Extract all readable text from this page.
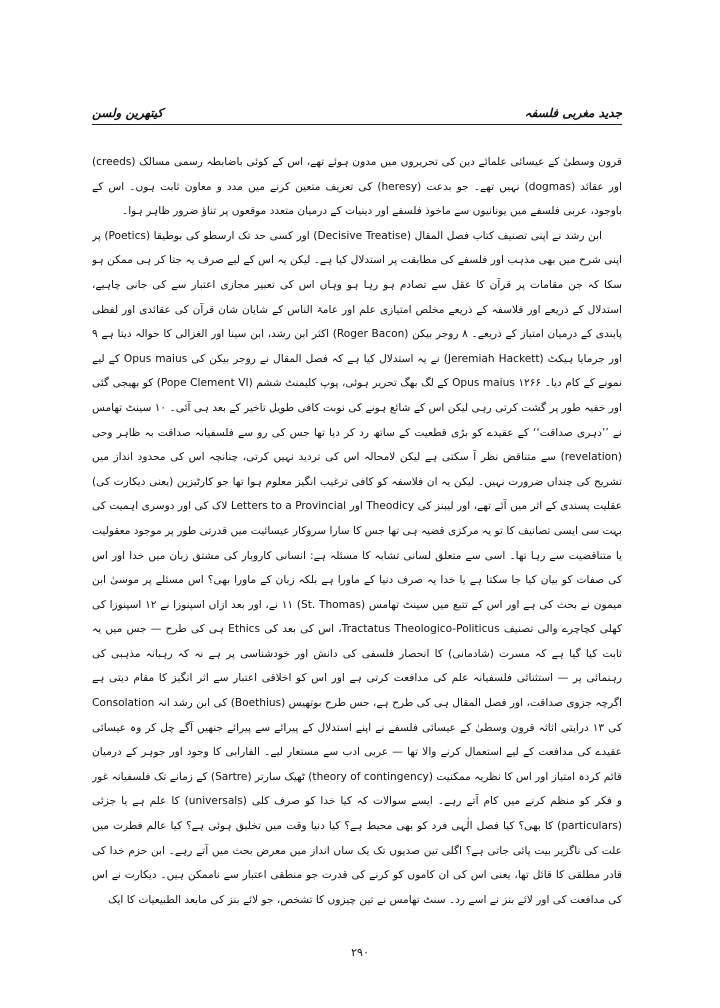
جدید مغربی فلسفہ
کیتھرین ولسن

قرون وسطیٰ کے عیسائی علمائے دین کی تحریروں میں مدون ہوئے تھے، اس کے کوئی باضابطہ رسمی مسالک (creeds) اور عقائد (dogmas) نہیں تھے۔ جو بدعت (heresy) کی تعریف متعین کرنے میں مدد و معاون ثابت ہوں۔ اس کے باوجود، عربی فلسفے میں یونانیوں سے ماخوذ فلسفے اور دینیات کے درمیان متعدد موقعوں پر تناؤ ضرور ظاہر ہوا۔

ابن رشد نے اپنی تصنیف کتاب فصل المقال (Decisive Treatise) اور کسی حد تک ارسطو کی بوطیقا (Poetics) پر اپنی شرح میں بھی مذہب اور فلسفے کی مطابقت پر استدلال کیا ہے۔ لیکن یہ اس کے لیے صرف یہ جتا کر ہی ممکن ہو سکا کہ جن مقامات پر قرآن کا عقل سے تصادم ہو رہا ہو وہاں اس کی تعبیر مجازی اعتبار سے کی جانی چاہیے، استدلال کے ذریعے اور فلاسفہ کے ذریعے مخلص امتیازی علم اور عامۃ الناس کے شایان شان قرآن کی عقائدی اور لفظی پابندی کے درمیان امتیاز کے ذریعے۔ ۸ روجر بیکن (Roger Bacon) اکثر ابن رشد، ابن سینا اور الغزالی کا حوالہ دیتا ہے ۹ اور جرمایا ہیکٹ (Jeremiah Hackett) نے یہ استدلال کیا ہے کہ فصل المقال نے روجر بیکن کی Opus maius کے لیے نمونے کے کام دیا۔ Opus maius ۱۲۶۶ کے لگ بھگ تحریر ہوئی، پوپ کلیمنٹ ششم (Pope Clement VI) کو بھیجی گئی اور خفیہ طور پر گشت کرتی رہی لیکن اس کے شائع ہونے کی نوبت کافی طویل تاخیر کے بعد ہی آئی۔ ۱۰ سینٹ تھامس نے ’’دہری صداقت‘‘ کے عقیدے کو بڑی قطعیت کے ساتھ رد کر دیا تھا جس کی رو سے فلسفیانہ صداقت بہ ظاہر وحی (revelation) سے متناقض نظر آ سکتی ہے لیکن لامحالہ اس کی تردید نہیں کرتی، چنانچہ اس کی محدود انداز میں تشریح کی چنداں ضرورت نہیں۔ لیکن یہ ان فلاسفہ کو کافی ترغیب انگیز معلوم ہوا تھا جو کارٹیزین (یعنی دیکارت کی) عقلیت پسندی کے اثر میں آئے تھے، اور لیبنز کی Theodicy اور Letters to a Provincial لاک کی اور دوسری اہمیت کی بہت سی ایسی تصانیف کا تو یہ مرکزی قضیہ ہی تھا جس کا سارا سروکار عیسائیت میں قدرتی طور پر موجود معقولیت یا متناقضیت سے رہا تھا۔ اسی سے متعلق لسانی تشابہ کا مسئلہ ہے: انسانی کاروبار کی مشتق زبان میں خدا اور اس کی صفات کو بیان کیا جا سکتا ہے یا خدا یہ صرف دنیا کے ماورا ہے بلکہ زبان کے ماورا بھی؟ اس مسئلے پر موسیٰ ابن میمون نے بحث کی ہے اور اس کے تتبع میں سینٹ تھامس (St. Thomas) ۱۱ نے، اور بعد ازاں اسپنوزا نے ۱۲ اسپنوزا کی کھلی کچاچرے والی تصنیف Tractatus Theologico-Politicus، اس کی بعد کی Ethics ہی کی طرح — جس میں یہ ثابت کیا گیا ہے کہ مسرت (شادمانی) کا انحصار فلسفی کی دانش اور خودشناسی پر ہے نہ کہ رہبانہ مذہبی کی رہنمائی پر — استثنائی فلسفیانہ علم کی مدافعت کرتی ہے اور اس کو اخلاقی اعتبار سے اثر انگیز کا مقام دیتی ہے اگرچہ جزوی صداقت، اور فصل المقال ہی کی طرح ہے، جس طرح بوتھیس (Boethius) کی ابن رشد انہ Consolation کی ۱۳ درایتی اثاثہ قرون وسطیٰ کے عیسائی فلسفے نے اپنے استدلال کے پیرائے سے پیرائے جنھیں آگے چل کر وہ عیسائی عقیدے کی مدافعت کے لیے استعمال کرنے والا تھا — عربی ادب سے مستعار لیے۔ الفارابی کا وجود اور جوہر کے درمیان قائم کردہ امتیاز اور اس کا نظریہ ممکنیت (theory of contingency) ٹھیک سارتر (Sartre) کے زمانے تک فلسفیانہ غور و فکر کو منظم کرنے میں کام آتے رہے۔ ایسے سوالات کہ کیا خدا کو صرف کلی (universals) کا علم ہے یا جزئی (particulars) کا بھی؟ کیا فصل الٰہی فرد کو بھی محیط ہے؟ کیا دنیا وقت میں تخلیق ہوئی ہے؟ کیا عالم فطرت میں علت کی ناگزیر بیت پائی جاتی ہے؟ اگلی تین صدیوں تک یک ساں انداز میں معرض بحث میں آتے رہے۔ ابن حزم خدا کی قادر مطلقی کا قائل تھا، یعنی اس کی ان کاموں کو کرنے کی قدرت جو منطقی اعتبار سے ناممکن ہیں۔ دیکارت نے اس کی مدافعت کی اور لائے بنز نے اسے رد۔ سنٹ تھامس نے تین چیزوں کا تشخص، جو لائے بنز کی مابعد الطبیعیات کا ایک

۲۹۰
